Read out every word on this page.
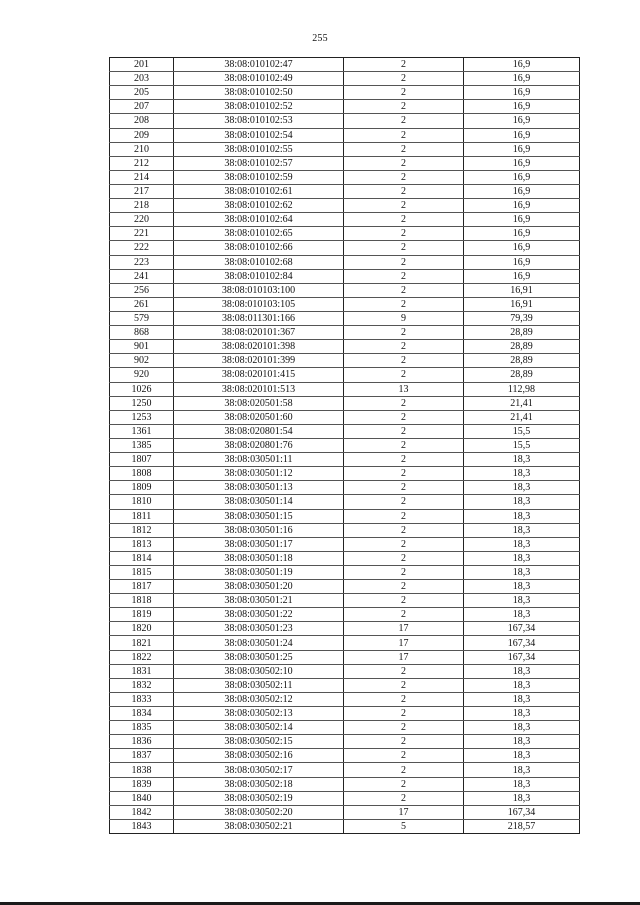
255
201	38:08:010102:47	2	16,9
203	38:08:010102:49	2	16,9
205	38:08:010102:50	2	16,9
207	38:08:010102:52	2	16,9
208	38:08:010102:53	2	16,9
209	38:08:010102:54	2	16,9
210	38:08:010102:55	2	16,9
212	38:08:010102:57	2	16,9
214	38:08:010102:59	2	16,9
217	38:08:010102:61	2	16,9
218	38:08:010102:62	2	16,9
220	38:08:010102:64	2	16,9
221	38:08:010102:65	2	16,9
222	38:08:010102:66	2	16,9
223	38:08:010102:68	2	16,9
241	38:08:010102:84	2	16,9
256	38:08:010103:100	2	16,91
261	38:08:010103:105	2	16,91
579	38:08:011301:166	9	79,39
868	38:08:020101:367	2	28,89
901	38:08:020101:398	2	28,89
902	38:08:020101:399	2	28,89
920	38:08:020101:415	2	28,89
1026	38:08:020101:513	13	112,98
1250	38:08:020501:58	2	21,41
1253	38:08:020501:60	2	21,41
1361	38:08:020801:54	2	15,5
1385	38:08:020801:76	2	15,5
1807	38:08:030501:11	2	18,3
1808	38:08:030501:12	2	18,3
1809	38:08:030501:13	2	18,3
1810	38:08:030501:14	2	18,3
1811	38:08:030501:15	2	18,3
1812	38:08:030501:16	2	18,3
1813	38:08:030501:17	2	18,3
1814	38:08:030501:18	2	18,3
1815	38:08:030501:19	2	18,3
1817	38:08:030501:20	2	18,3
1818	38:08:030501:21	2	18,3
1819	38:08:030501:22	2	18,3
1820	38:08:030501:23	17	167,34
1821	38:08:030501:24	17	167,34
1822	38:08:030501:25	17	167,34
1831	38:08:030502:10	2	18,3
1832	38:08:030502:11	2	18,3
1833	38:08:030502:12	2	18,3
1834	38:08:030502:13	2	18,3
1835	38:08:030502:14	2	18,3
1836	38:08:030502:15	2	18,3
1837	38:08:030502:16	2	18,3
1838	38:08:030502:17	2	18,3
1839	38:08:030502:18	2	18,3
1840	38:08:030502:19	2	18,3
1842	38:08:030502:20	17	167,34
1843	38:08:030502:21	5	218,57
